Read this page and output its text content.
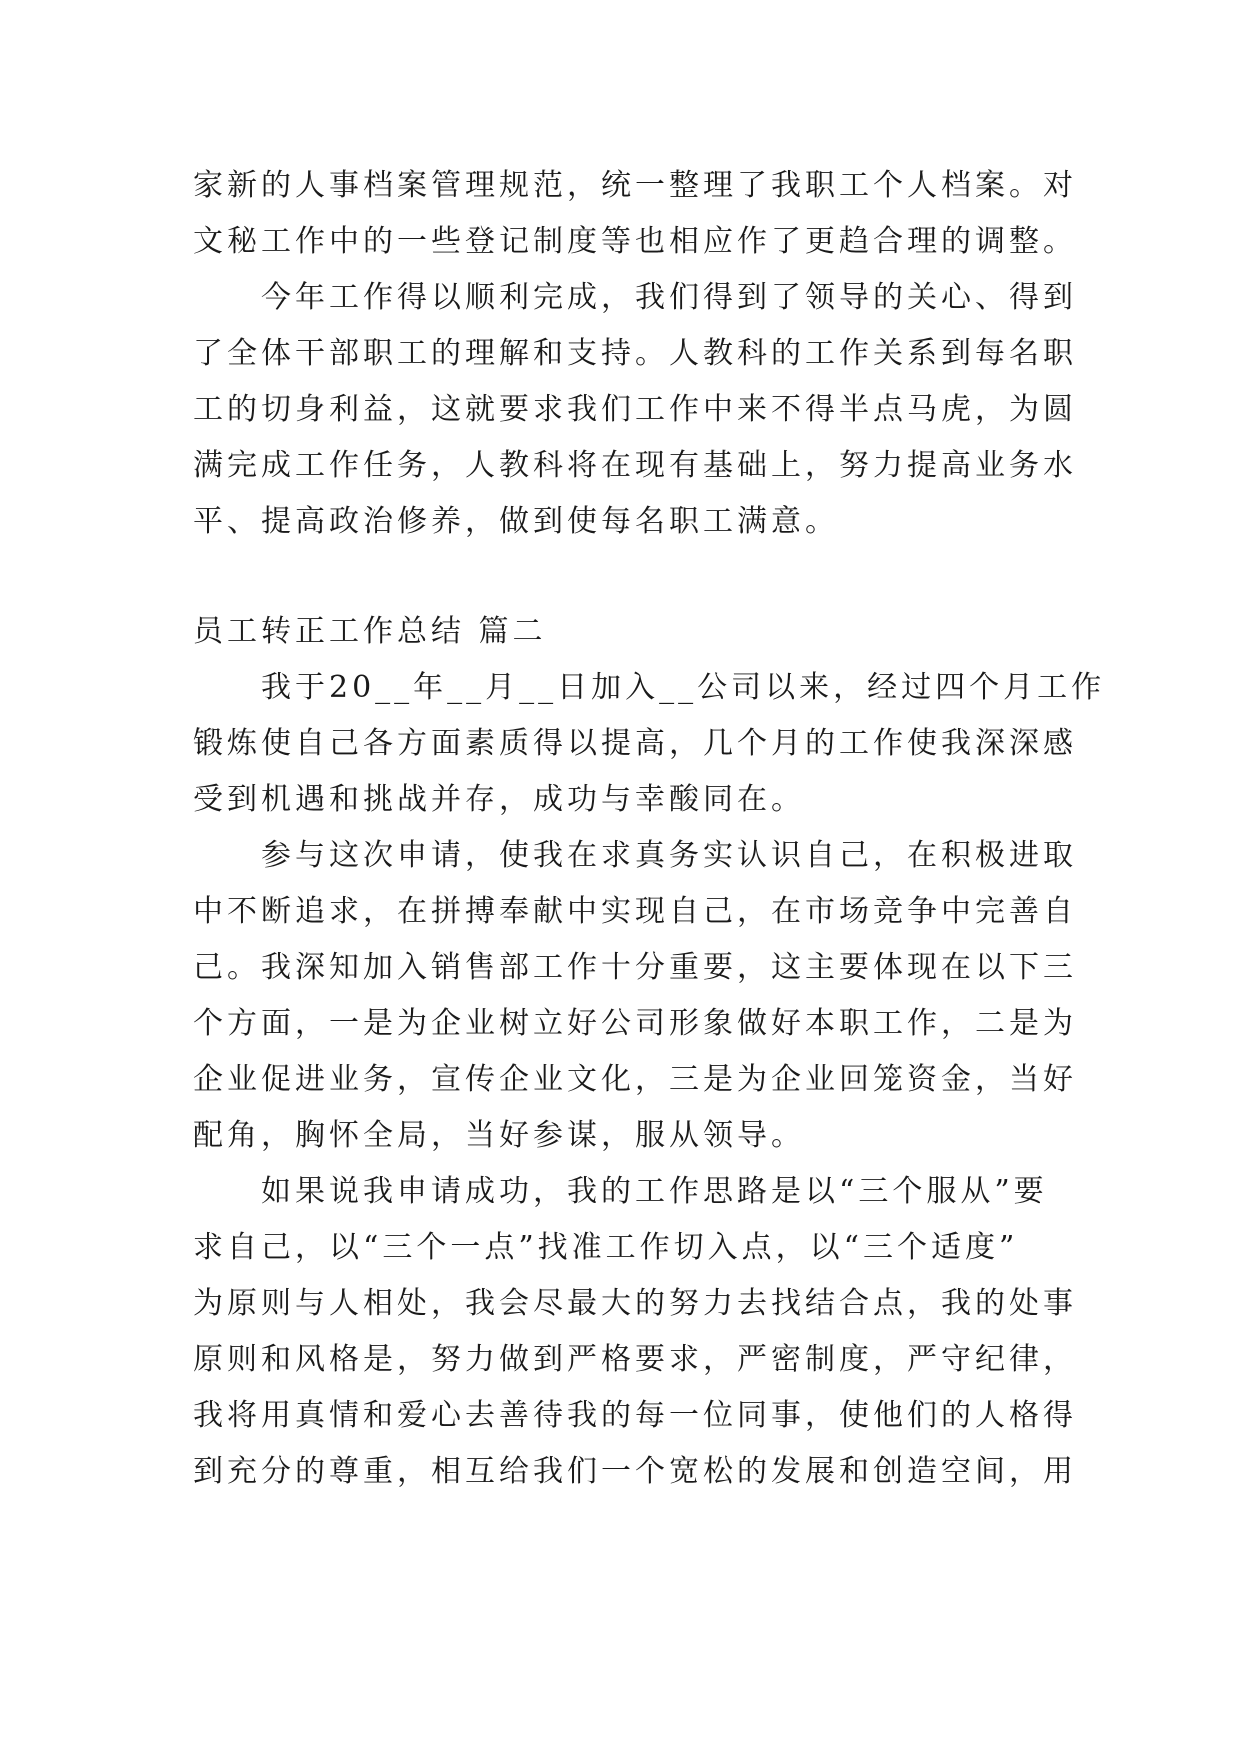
家新的人事档案管理规范，统一整理了我职工个人档案。对
文秘工作中的一些登记制度等也相应作了更趋合理的调整。
今年工作得以顺利完成，我们得到了领导的关心、得到
了全体干部职工的理解和支持。人教科的工作关系到每名职
工的切身利益，这就要求我们工作中来不得半点马虎，为圆
满完成工作任务，人教科将在现有基础上，努力提高业务水
平、提高政治修养，做到使每名职工满意。
员工转正工作总结 篇二
我于20__年__月__日加入__公司以来，经过四个月工作
锻炼使自己各方面素质得以提高，几个月的工作使我深深感
受到机遇和挑战并存，成功与幸酸同在。
参与这次申请，使我在求真务实认识自己，在积极进取
中不断追求，在拼搏奉献中实现自己，在市场竞争中完善自
己。我深知加入销售部工作十分重要，这主要体现在以下三
个方面，一是为企业树立好公司形象做好本职工作，二是为
企业促进业务，宣传企业文化，三是为企业回笼资金，当好
配角，胸怀全局，当好参谋，服从领导。
如果说我申请成功，我的工作思路是以“三个服从”要
求自己，以“三个一点”找准工作切入点，以“三个适度”
为原则与人相处，我会尽最大的努力去找结合点，我的处事
原则和风格是，努力做到严格要求，严密制度，严守纪律，
我将用真情和爱心去善待我的每一位同事，使他们的人格得
到充分的尊重，相互给我们一个宽松的发展和创造空间，用
